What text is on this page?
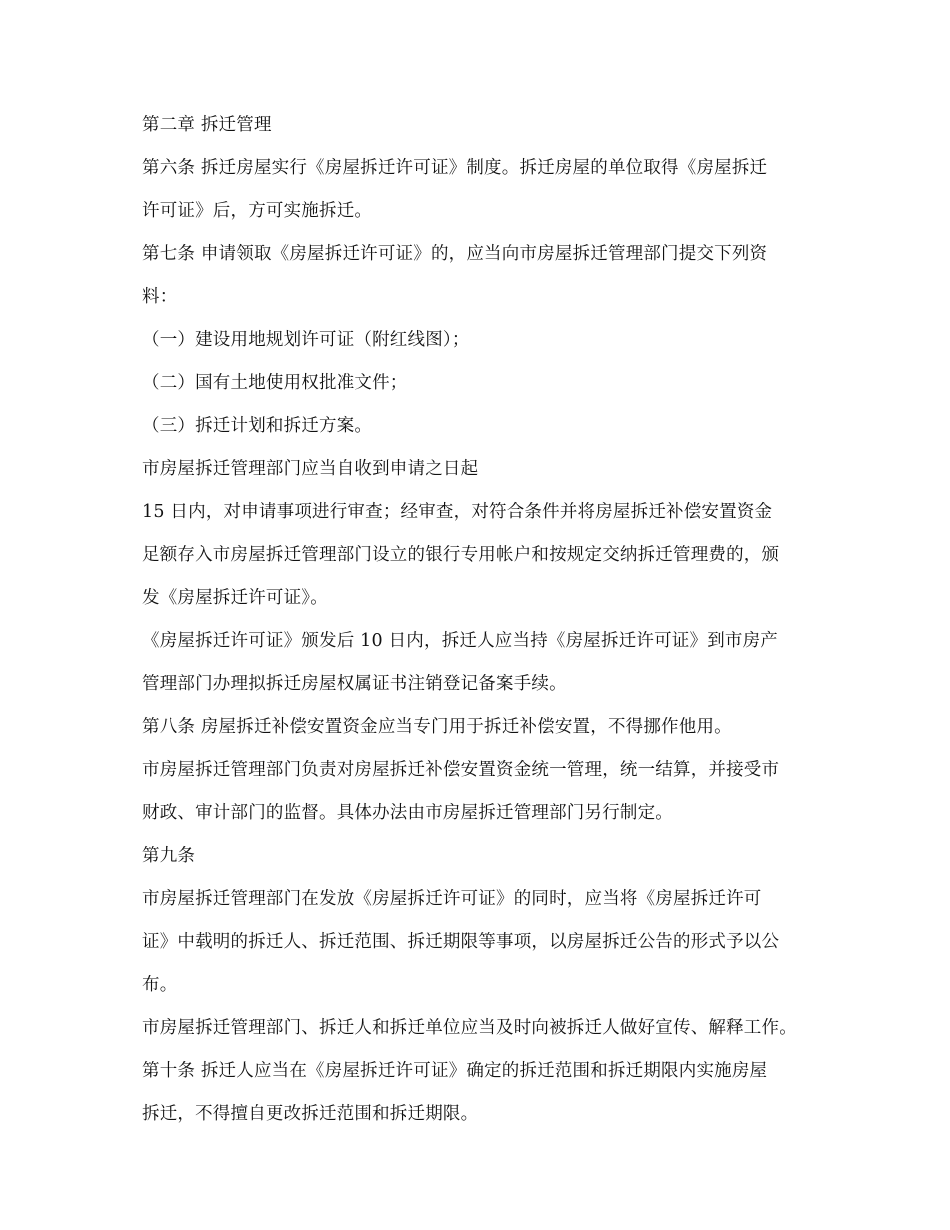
第二章 拆迁管理
第六条 拆迁房屋实行《房屋拆迁许可证》制度。拆迁房屋的单位取得《房屋拆迁
许可证》后，方可实施拆迁。
第七条 申请领取《房屋拆迁许可证》的，应当向市房屋拆迁管理部门提交下列资
料：
（一）建设用地规划许可证（附红线图）；
（二）国有土地使用权批准文件；
（三）拆迁计划和拆迁方案。
市房屋拆迁管理部门应当自收到申请之日起
15 日内，对申请事项进行审查；经审查，对符合条件并将房屋拆迁补偿安置资金
足额存入市房屋拆迁管理部门设立的银行专用帐户和按规定交纳拆迁管理费的，颁
发《房屋拆迁许可证》。
《房屋拆迁许可证》颁发后 10 日内，拆迁人应当持《房屋拆迁许可证》到市房产
管理部门办理拟拆迁房屋权属证书注销登记备案手续。
第八条 房屋拆迁补偿安置资金应当专门用于拆迁补偿安置，不得挪作他用。
市房屋拆迁管理部门负责对房屋拆迁补偿安置资金统一管理，统一结算，并接受市
财政、审计部门的监督。具体办法由市房屋拆迁管理部门另行制定。
第九条
市房屋拆迁管理部门在发放《房屋拆迁许可证》的同时，应当将《房屋拆迁许可
证》中载明的拆迁人、拆迁范围、拆迁期限等事项，以房屋拆迁公告的形式予以公
布。
市房屋拆迁管理部门、拆迁人和拆迁单位应当及时向被拆迁人做好宣传、解释工作。
第十条 拆迁人应当在《房屋拆迁许可证》确定的拆迁范围和拆迁期限内实施房屋
拆迁，不得擅自更改拆迁范围和拆迁期限。
